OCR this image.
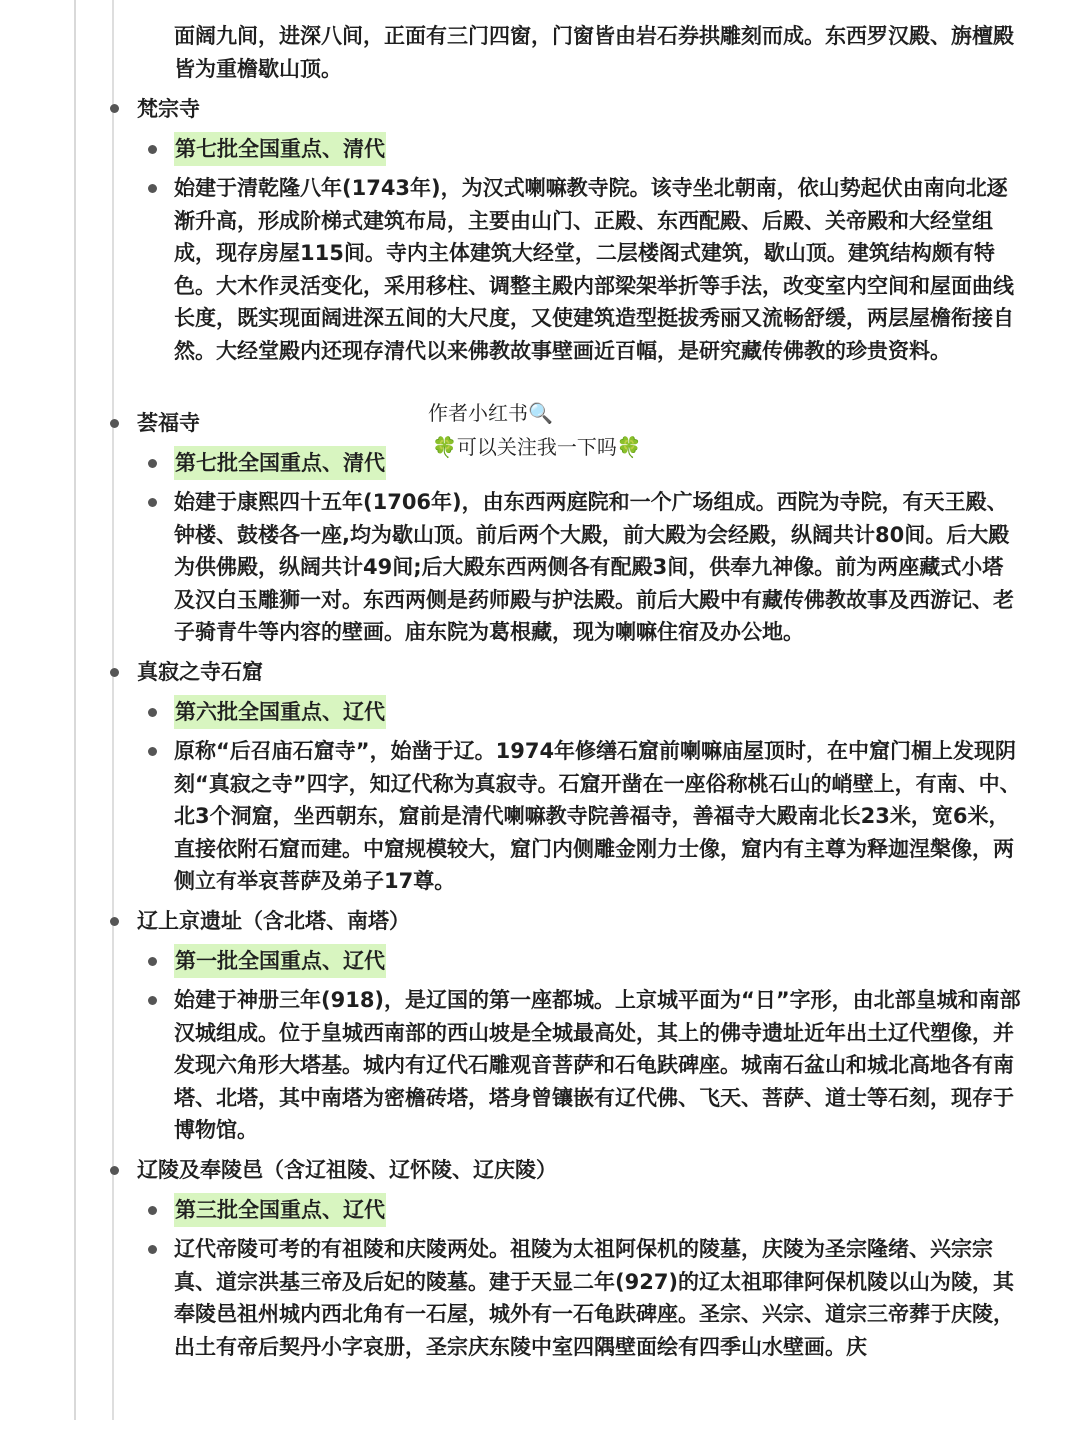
面阔九间，进深八间，正面有三门四窗，门窗皆由岩石券拱雕刻而成。东西罗汉殿、旃檀殿皆为重檐歇山顶。
梵宗寺
第七批全国重点、清代
始建于清乾隆八年(1743年)，为汉式喇嘛教寺院。该寺坐北朝南，依山势起伏由南向北逐渐升高，形成阶梯式建筑布局，主要由山门、正殿、东西配殿、后殿、关帝殿和大经堂组成，现存房屋115间。寺内主体建筑大经堂，二层楼阁式建筑，歇山顶。建筑结构颇有特色。大木作灵活变化，采用移柱、调整主殿内部梁架举折等手法，改变室内空间和屋面曲线长度，既实现面阔进深五间的大尺度，又使建筑造型挺拔秀丽又流畅舒缓，两层屋檐衔接自然。大经堂殿内还现存清代以来佛教故事壁画近百幅，是研究藏传佛教的珍贵资料。
荟福寺
第七批全国重点、清代
始建于康熙四十五年(1706年)，由东西两庭院和一个广场组成。西院为寺院，有天王殿、钟楼、鼓楼各一座,均为歇山顶。前后两个大殿，前大殿为会经殿，纵阔共计80间。后大殿为供佛殿，纵阔共计49间;后大殿东西两侧各有配殿3间，供奉九神像。前为两座藏式小塔及汉白玉雕狮一对。东西两侧是药师殿与护法殿。前后大殿中有藏传佛教故事及西游记、老子骑青牛等内容的壁画。庙东院为葛根藏，现为喇嘛住宿及办公地。
真寂之寺石窟
第六批全国重点、辽代
原称“后召庙石窟寺”，始凿于辽。1974年修缮石窟前喇嘛庙屋顶时，在中窟门楣上发现阴刻“真寂之寺”四字，知辽代称为真寂寺。石窟开凿在一座俗称桃石山的峭壁上，有南、中、北3个洞窟，坐西朝东，窟前是清代喇嘛教寺院善福寺，善福寺大殿南北长23米，宽6米，直接依附石窟而建。中窟规模较大，窟门内侧雕金刚力士像，窟内有主尊为释迦涅槃像，两侧立有举哀菩萨及弟子17尊。
辽上京遗址（含北塔、南塔）
第一批全国重点、辽代
始建于神册三年(918)，是辽国的第一座都城。上京城平面为“日”字形，由北部皇城和南部汉城组成。位于皇城西南部的西山坡是全城最高处，其上的佛寺遗址近年出土辽代塑像，并发现六角形大塔基。城内有辽代石雕观音菩萨和石龟趺碑座。城南石盆山和城北高地各有南塔、北塔，其中南塔为密檐砖塔，塔身曾镶嵌有辽代佛、飞天、菩萨、道士等石刻，现存于博物馆。
辽陵及奉陵邑（含辽祖陵、辽怀陵、辽庆陵）
第三批全国重点、辽代
辽代帝陵可考的有祖陵和庆陵两处。祖陵为太祖阿保机的陵墓，庆陵为圣宗隆绪、兴宗宗真、道宗洪基三帝及后妃的陵墓。建于天显二年(927)的辽太祖耶律阿保机陵以山为陵，其奉陵邑祖州城内西北角有一石屋，城外有一石龟趺碑座。圣宗、兴宗、道宗三帝葬于庆陵，出土有帝后契丹小字哀册，圣宗庆东陵中室四隅壁面绘有四季山水壁画。庆
作者小红书🔍
🍀可以关注我一下吗🍀
